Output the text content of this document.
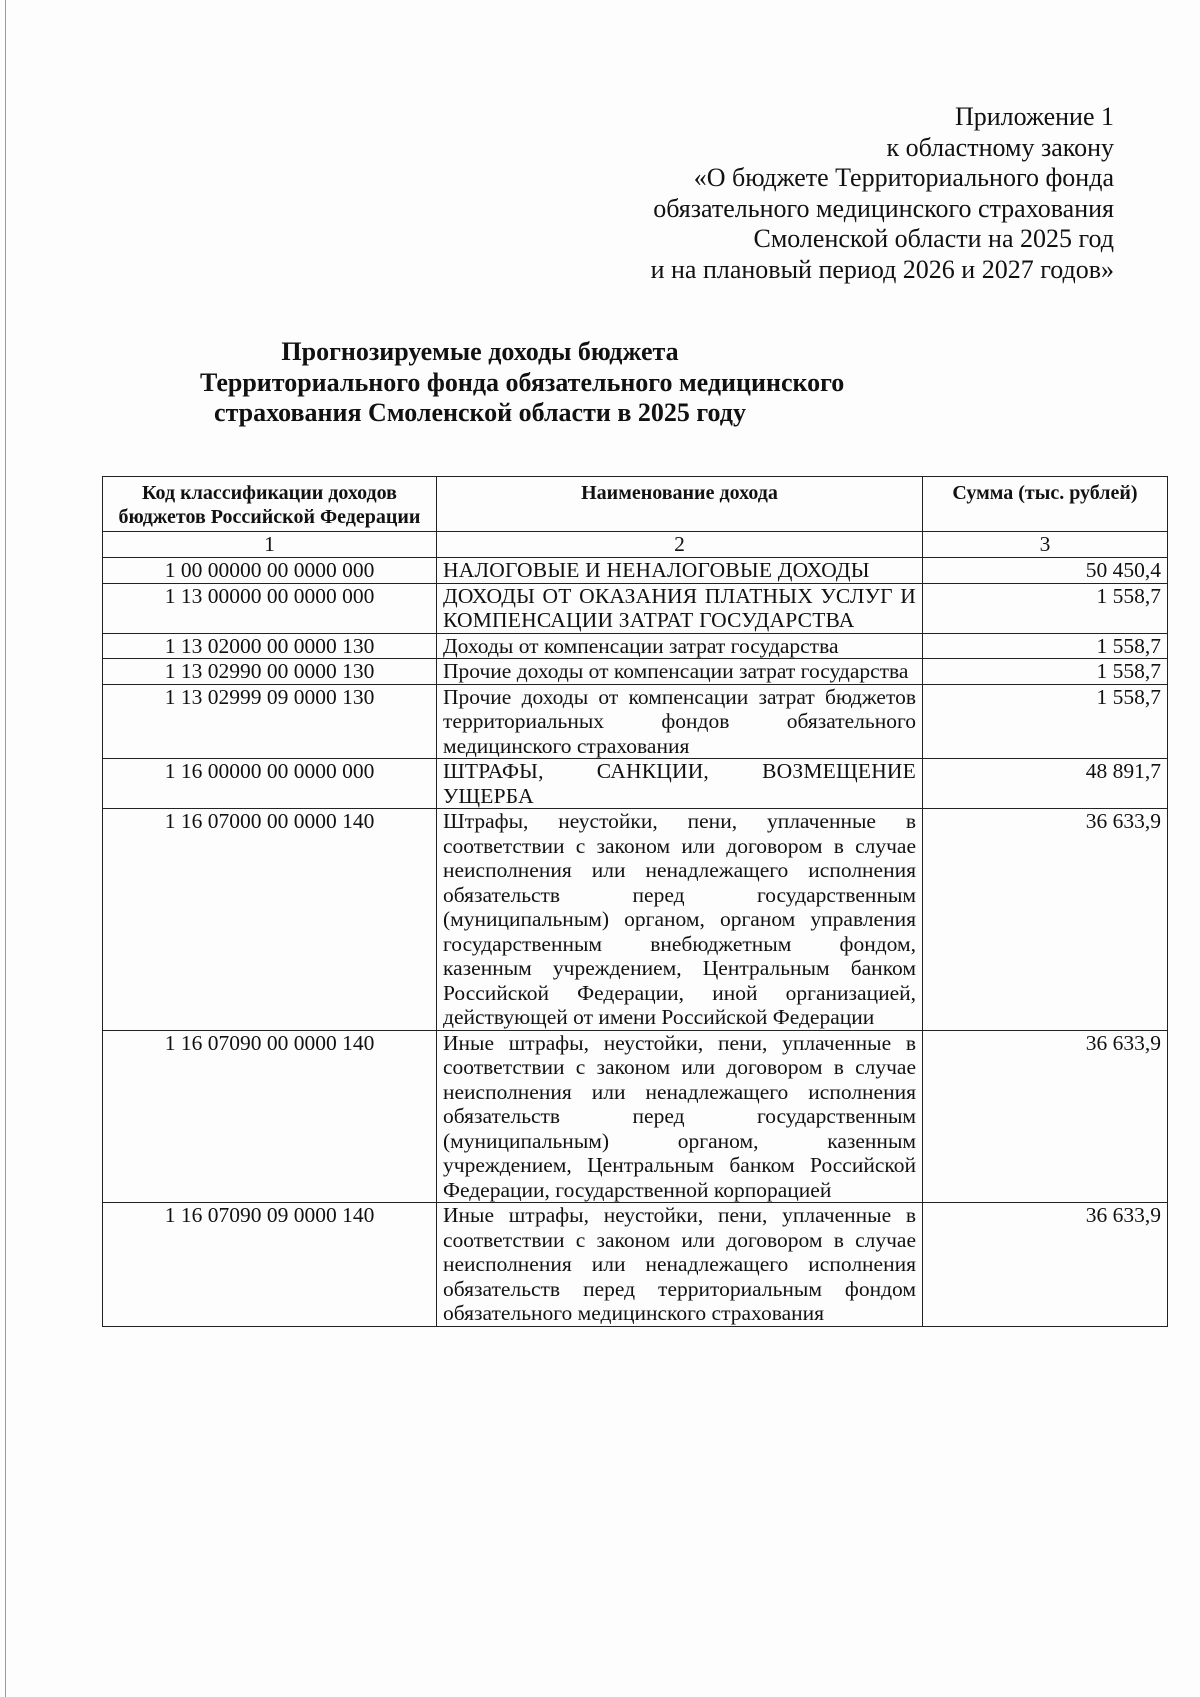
Приложение 1
к областному закону
«О бюджете Территориального фонда
обязательного медицинского страхования
Смоленской области на 2025 год
и на плановый период 2026 и 2027 годов»
Прогнозируемые доходы бюджета
Территориального фонда обязательного медицинского
страхования Смоленской области в 2025 году
Код классификации доходов бюджетов Российской Федерации	Наименование дохода	Сумма (тыс. рублей)
1	2	3
1 00 00000 00 0000 000	НАЛОГОВЫЕ И НЕНАЛОГОВЫЕ ДОХОДЫ	50 450,4
1 13 00000 00 0000 000	ДОХОДЫ ОТ ОКАЗАНИЯ ПЛАТНЫХ УСЛУГ И КОМПЕНСАЦИИ ЗАТРАТ ГОСУДАРСТВА	1 558,7
1 13 02000 00 0000 130	Доходы от компенсации затрат государства	1 558,7
1 13 02990 00 0000 130	Прочие доходы от компенсации затрат государства	1 558,7
1 13 02999 09 0000 130	Прочие доходы от компенсации затрат бюджетов территориальных фондов обязательного медицинского страхования	1 558,7
1 16 00000 00 0000 000	ШТРАФЫ, САНКЦИИ, ВОЗМЕЩЕНИЕ УЩЕРБА	48 891,7
1 16 07000 00 0000 140	Штрафы, неустойки, пени, уплаченные в соответствии с законом или договором в случае неисполнения или ненадлежащего исполнения обязательств перед государственным (муниципальным) органом, органом управления государственным внебюджетным фондом, казенным учреждением, Центральным банком Российской Федерации, иной организацией, действующей от имени Российской Федерации	36 633,9
1 16 07090 00 0000 140	Иные штрафы, неустойки, пени, уплаченные в соответствии с законом или договором в случае неисполнения или ненадлежащего исполнения обязательств перед государственным (муниципальным) органом, казенным учреждением, Центральным банком Российской Федерации, государственной корпорацией	36 633,9
1 16 07090 09 0000 140	Иные штрафы, неустойки, пени, уплаченные в соответствии с законом или договором в случае неисполнения или ненадлежащего исполнения обязательств перед территориальным фондом обязательного медицинского страхования	36 633,9
